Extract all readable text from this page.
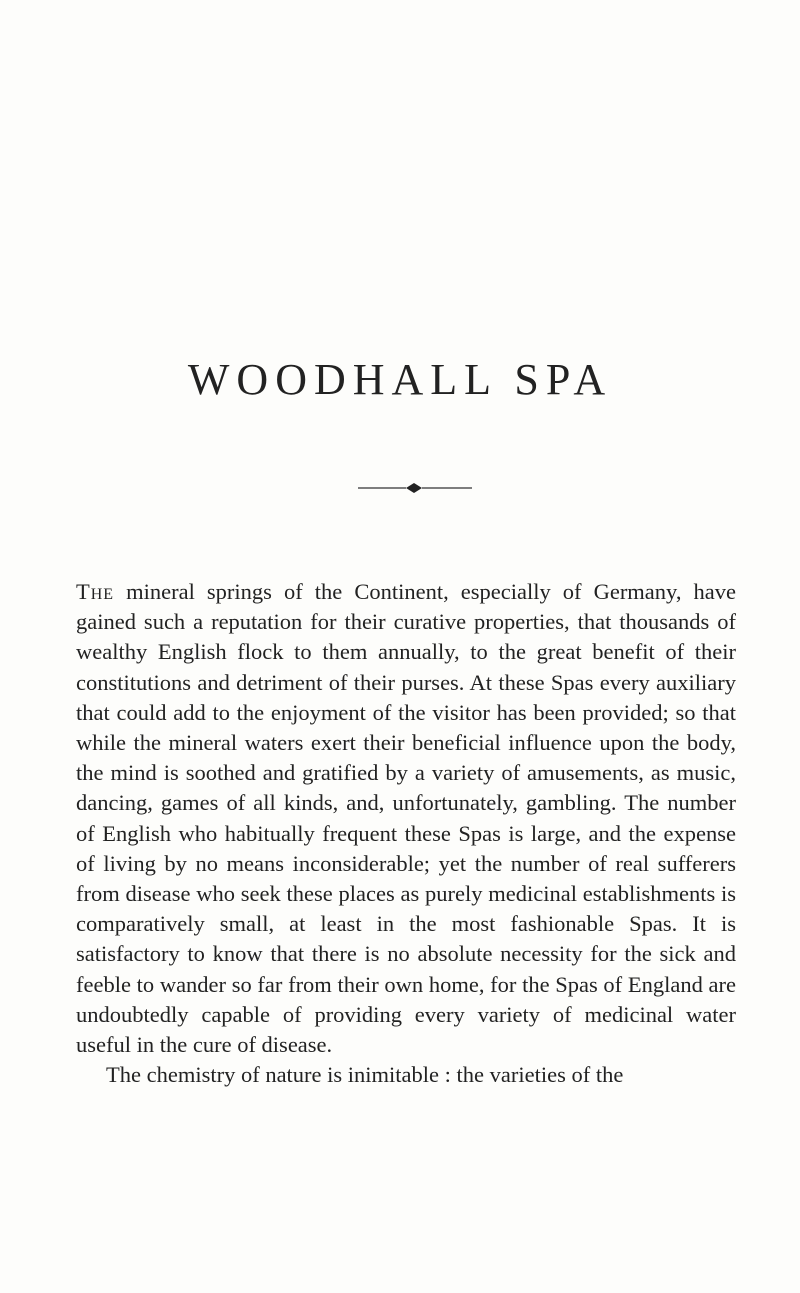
WOODHALL SPA

The mineral springs of the Continent, especially of Germany, have gained such a reputation for their curative properties, that thousands of wealthy English flock to them annually, to the great benefit of their constitutions and detriment of their purses. At these Spas every auxiliary that could add to the enjoyment of the visitor has been provided; so that while the mineral waters exert their beneficial influence upon the body, the mind is soothed and gratified by a variety of amusements, as music, dancing, games of all kinds, and, unfortunately, gambling. The number of English who habitually frequent these Spas is large, and the expense of living by no means inconsiderable; yet the number of real sufferers from disease who seek these places as purely medicinal establishments is comparatively small, at least in the most fashionable Spas. It is satisfactory to know that there is no absolute necessity for the sick and feeble to wander so far from their own home, for the Spas of England are undoubtedly capable of providing every variety of medicinal water useful in the cure of disease.

The chemistry of nature is inimitable : the varieties of the
